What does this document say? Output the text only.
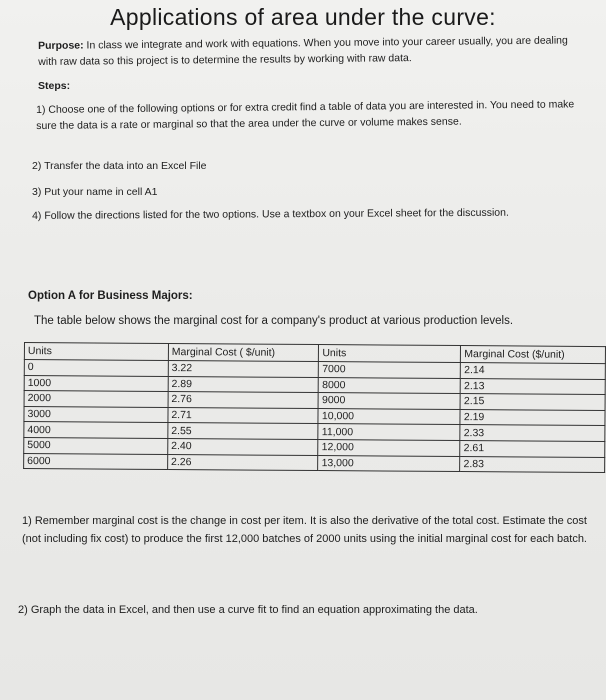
Applications of area under the curve:
Purpose: In class we integrate and work with equations. When you move into your career usually, you are dealing with raw data so this project is to determine the results by working with raw data.
Steps:
1) Choose one of the following options or for extra credit find a table of data you are interested in. You need to make sure the data is a rate or marginal so that the area under the curve or volume makes sense.
2) Transfer the data into an Excel File
3) Put your name in cell A1
4) Follow the directions listed for the two options. Use a textbox on your Excel sheet for the discussion.
Option A for Business Majors:
The table below shows the marginal cost for a company's product at various production levels.
Units	Marginal Cost ( $/unit)	Units	Marginal Cost ($/unit)
0	3.22	7000	2.14
1000	2.89	8000	2.13
2000	2.76	9000	2.15
3000	2.71	10,000	2.19
4000	2.55	11,000	2.33
5000	2.40	12,000	2.61
6000	2.26	13,000	2.83
1) Remember marginal cost is the change in cost per item. It is also the derivative of the total cost. Estimate the cost (not including fix cost) to produce the first 12,000 batches of 2000 units using the initial marginal cost for each batch.
2) Graph the data in Excel, and then use a curve fit to find an equation approximating the data.
